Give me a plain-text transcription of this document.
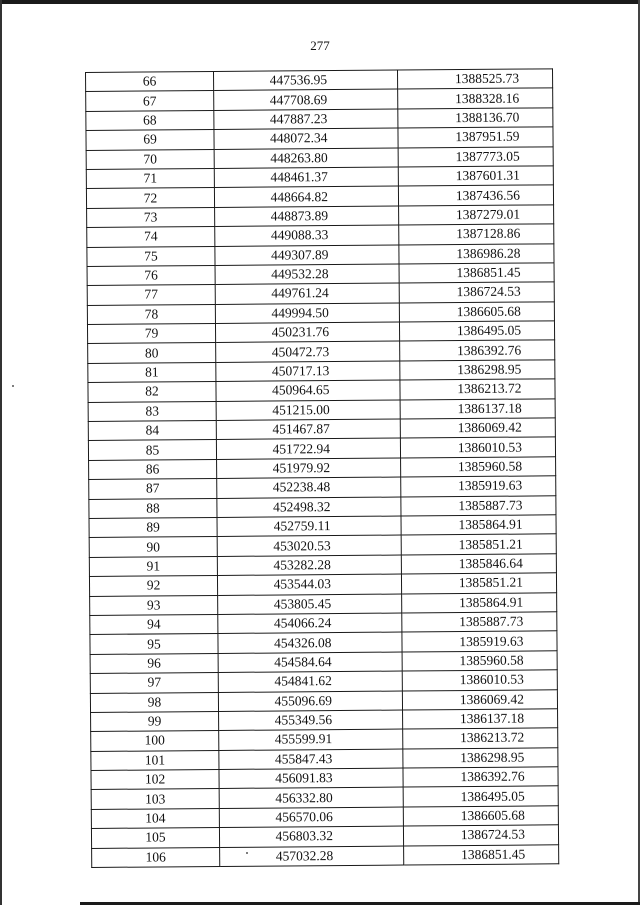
277
66	447536.95	1388525.73
67	447708.69	1388328.16
68	447887.23	1388136.70
69	448072.34	1387951.59
70	448263.80	1387773.05
71	448461.37	1387601.31
72	448664.82	1387436.56
73	448873.89	1387279.01
74	449088.33	1387128.86
75	449307.89	1386986.28
76	449532.28	1386851.45
77	449761.24	1386724.53
78	449994.50	1386605.68
79	450231.76	1386495.05
80	450472.73	1386392.76
81	450717.13	1386298.95
82	450964.65	1386213.72
83	451215.00	1386137.18
84	451467.87	1386069.42
85	451722.94	1386010.53
86	451979.92	1385960.58
87	452238.48	1385919.63
88	452498.32	1385887.73
89	452759.11	1385864.91
90	453020.53	1385851.21
91	453282.28	1385846.64
92	453544.03	1385851.21
93	453805.45	1385864.91
94	454066.24	1385887.73
95	454326.08	1385919.63
96	454584.64	1385960.58
97	454841.62	1386010.53
98	455096.69	1386069.42
99	455349.56	1386137.18
100	455599.91	1386213.72
101	455847.43	1386298.95
102	456091.83	1386392.76
103	456332.80	1386495.05
104	456570.06	1386605.68
105	456803.32	1386724.53
106	457032.28	1386851.45
